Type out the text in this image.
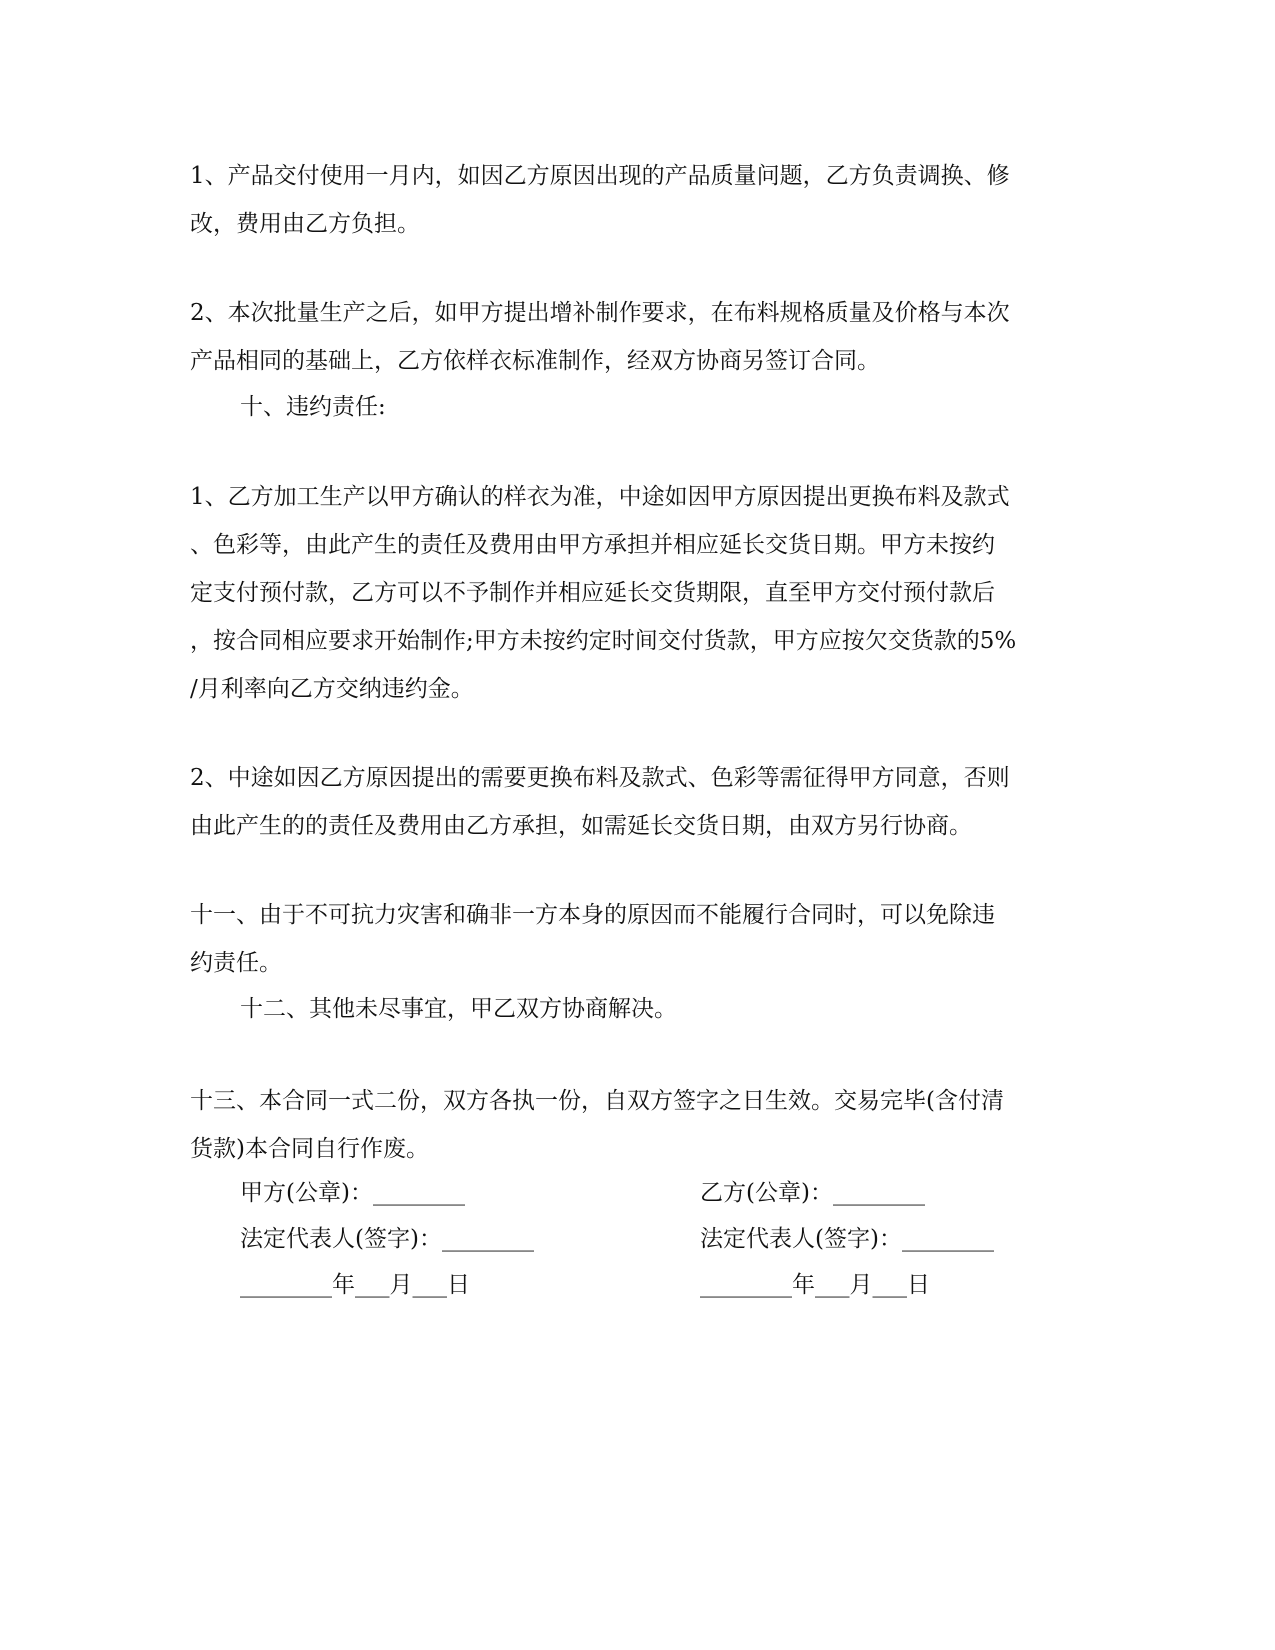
1、产品交付使用一月内，如因乙方原因出现的产品质量问题，乙方负责调换、修
改，费用由乙方负担。
2、本次批量生产之后，如甲方提出增补制作要求，在布料规格质量及价格与本次
产品相同的基础上，乙方依样衣标准制作，经双方协商另签订合同。
十、违约责任:
1、乙方加工生产以甲方确认的样衣为准，中途如因甲方原因提出更换布料及款式
、色彩等，由此产生的责任及费用由甲方承担并相应延长交货日期。甲方未按约
定支付预付款，乙方可以不予制作并相应延长交货期限，直至甲方交付预付款后
，按合同相应要求开始制作;甲方未按约定时间交付货款，甲方应按欠交货款的5%
/月利率向乙方交纳违约金。
2、中途如因乙方原因提出的需要更换布料及款式、色彩等需征得甲方同意，否则
由此产生的的责任及费用由乙方承担，如需延长交货日期，由双方另行协商。
十一、由于不可抗力灾害和确非一方本身的原因而不能履行合同时，可以免除违
约责任。
十二、其他未尽事宜，甲乙双方协商解决。
十三、本合同一式二份，双方各执一份，自双方签字之日生效。交易完毕(含付清
货款)本合同自行作废。
甲方(公章)：________	乙方(公章)：________
法定代表人(签字)：________	法定代表人(签字)：________
________年___月___日	________年___月___日
